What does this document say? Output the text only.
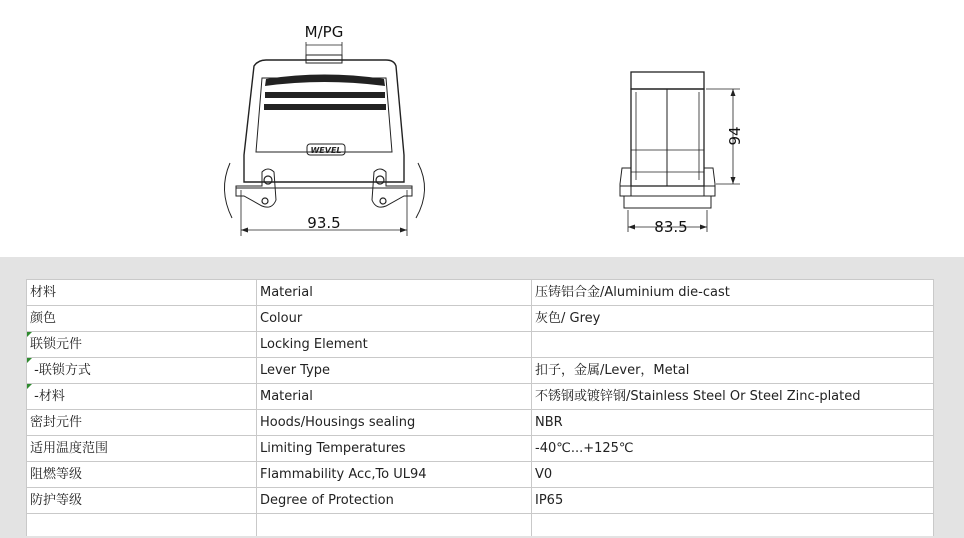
M/PG
WEVEL
93.5
94
83.5
材料	Material	压铸铝合金/Aluminium die-cast
颜色	Colour	灰色/ Grey

联锁元件	Locking Element	

-联锁方式	Lever Type	扣子，金属/Lever，Metal

-材料	Material	不锈钢或镀锌钢/Stainless Steel Or Steel Zinc-plated
密封元件	Hoods/Housings sealing	NBR
适用温度范围	Limiting Temperatures	-40℃...+125℃
阻燃等级	Flammability Acc,To UL94	V0
防护等级	Degree of Protection	IP65
